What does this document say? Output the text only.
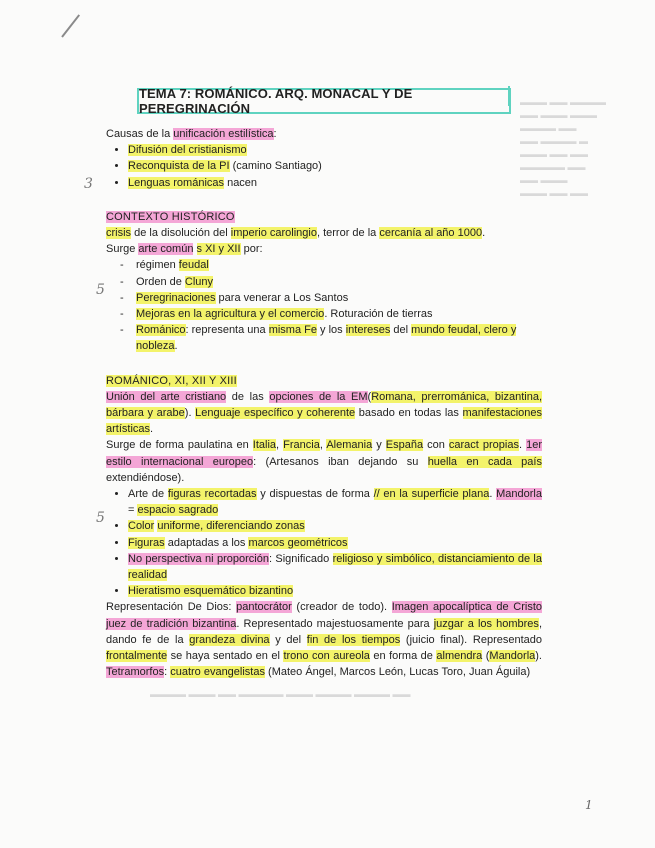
▬▬▬ ▬▬ ▬▬▬▬
▬▬ ▬▬▬ ▬▬▬
▬▬▬▬ ▬▬
▬▬ ▬▬▬▬ ▬
▬▬▬ ▬▬ ▬▬
▬▬▬▬▬ ▬▬
▬▬ ▬▬▬
▬▬▬ ▬▬ ▬▬
▬▬▬▬ ▬▬▬ ▬▬ ▬▬▬▬▬ ▬▬▬ ▬▬▬▬ ▬▬▬▬ ▬▬
TEMA 7: ROMÁNICO. ARQ. MONACAL Y DE PEREGRINACIÓN
3
5
5

Causas de la unificación estilística:

• Difusión del cristianismo
• Reconquista de la PI (camino Santiago)
• Lenguas románicas nacen

CONTEXTO HISTÓRICO

crisis de la disolución del imperio carolingio, terror de la cercanía al año 1000.

Surge arte común s XI y XII por:

- régimen feudal
- Orden de Cluny
- Peregrinaciones para venerar a Los Santos
- Mejoras en la agricultura y el comercio. Roturación de tierras
- Románico: representa una misma Fe y los intereses del mundo feudal, clero y nobleza.

ROMÁNICO, XI, XII Y XIII

Unión del arte cristiano de las opciones de la EM(Romana, prerrománica, bizantina, bárbara y arabe). Lenguaje específico y coherente basado en todas las manifestaciones artísticas.

Surge de forma paulatina en Italia, Francia, Alemania y España con caract propias. 1er estilo internacional europeo: (Artesanos iban dejando su huella en cada país extendiéndose).

• Arte de figuras recortadas y dispuestas de forma // en la superficie plana. Mandorla = espacio sagrado
• Color uniforme, diferenciando zonas
• Figuras adaptadas a los marcos geométricos
• No perspectiva ni proporción: Significado religioso y simbólico, distanciamiento de la realidad
• Hieratismo esquemático bizantino

Representación De Dios: pantocrátor (creador de todo). Imagen apocalíptica de Cristo juez de tradición bizantina. Representado majestuosamente para juzgar a los hombres, dando fe de la grandeza divina y del fin de los tiempos (juicio final). Representado frontalmente se haya sentado en el trono con aureola en forma de almendra (Mandorla). Tetramorfos: cuatro evangelistas (Mateo Ángel, Marcos León, Lucas Toro, Juan Águila)

1
